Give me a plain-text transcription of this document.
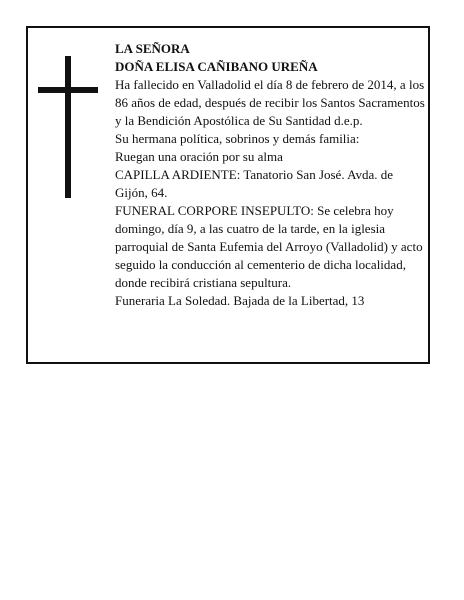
LA SEÑORA

DOÑA ELISA CAÑIBANO UREÑA

Ha fallecido en Valladolid el día 8 de febrero de 2014, a los 86 años de edad, después de recibir los Santos Sacramentos y la Bendición Apostólica de Su Santidad d.e.p.

Su hermana política, sobrinos y demás familia:

Ruegan una oración por su alma

CAPILLA ARDIENTE: Tanatorio San José. Avda. de Gijón, 64.

FUNERAL CORPORE INSEPULTO: Se celebra hoy domingo, día 9, a las cuatro de la tarde, en la iglesia parroquial de Santa Eufemia del Arroyo (Valladolid) y acto seguido la conducción al cementerio de dicha localidad, donde recibirá cristiana sepultura.

Funeraria La Soledad. Bajada de la Libertad, 13
